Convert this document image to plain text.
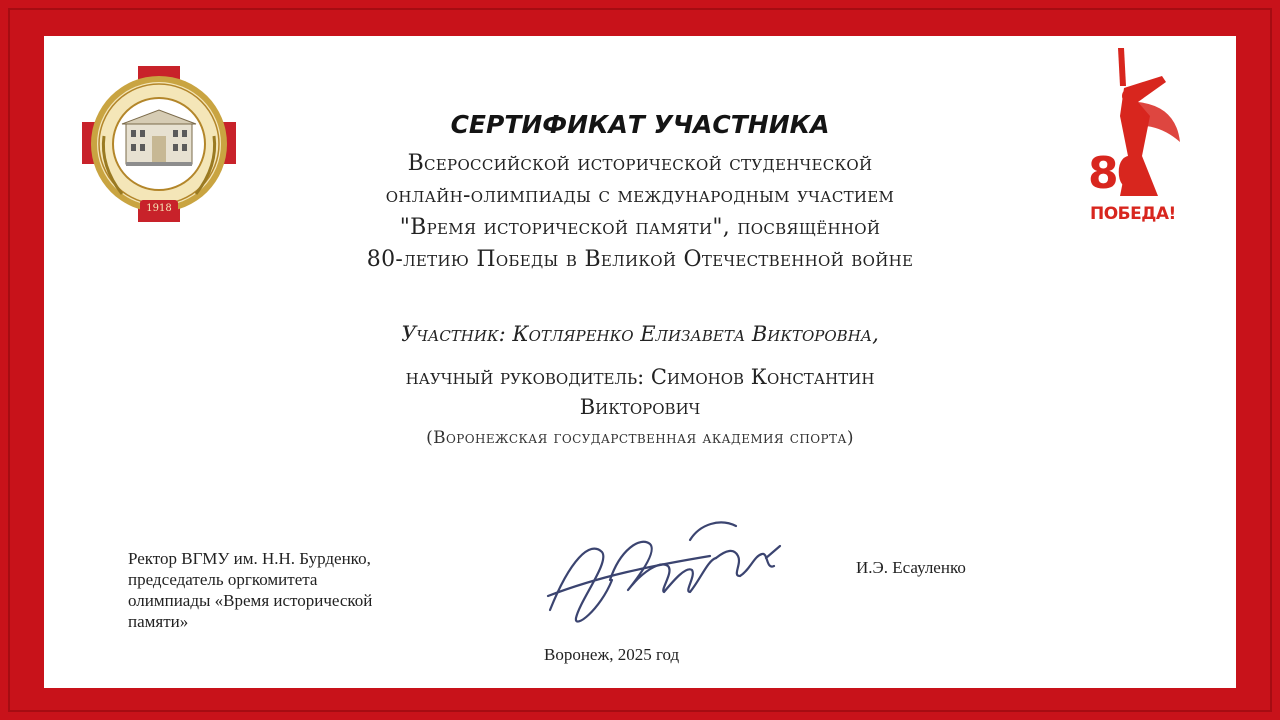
1918
80
ПОБЕДА!
СЕРТИФИКАТ УЧАСТНИКА
Всероссийской исторической студенческой
онлайн-олимпиады с международным участием
"Время исторической памяти", посвящённой
80-летию Победы в Великой Отечественной войне
Участник: Котляренко Елизавета Викторовна,
научный руководитель: Симонов Константин
Викторович
(Воронежская государственная академия спорта)
Ректор ВГМУ им. Н.Н. Бурденко,
председатель оргкомитета
олимпиады «Время исторической
памяти»
И.Э. Есауленко
Воронеж, 2025 год
